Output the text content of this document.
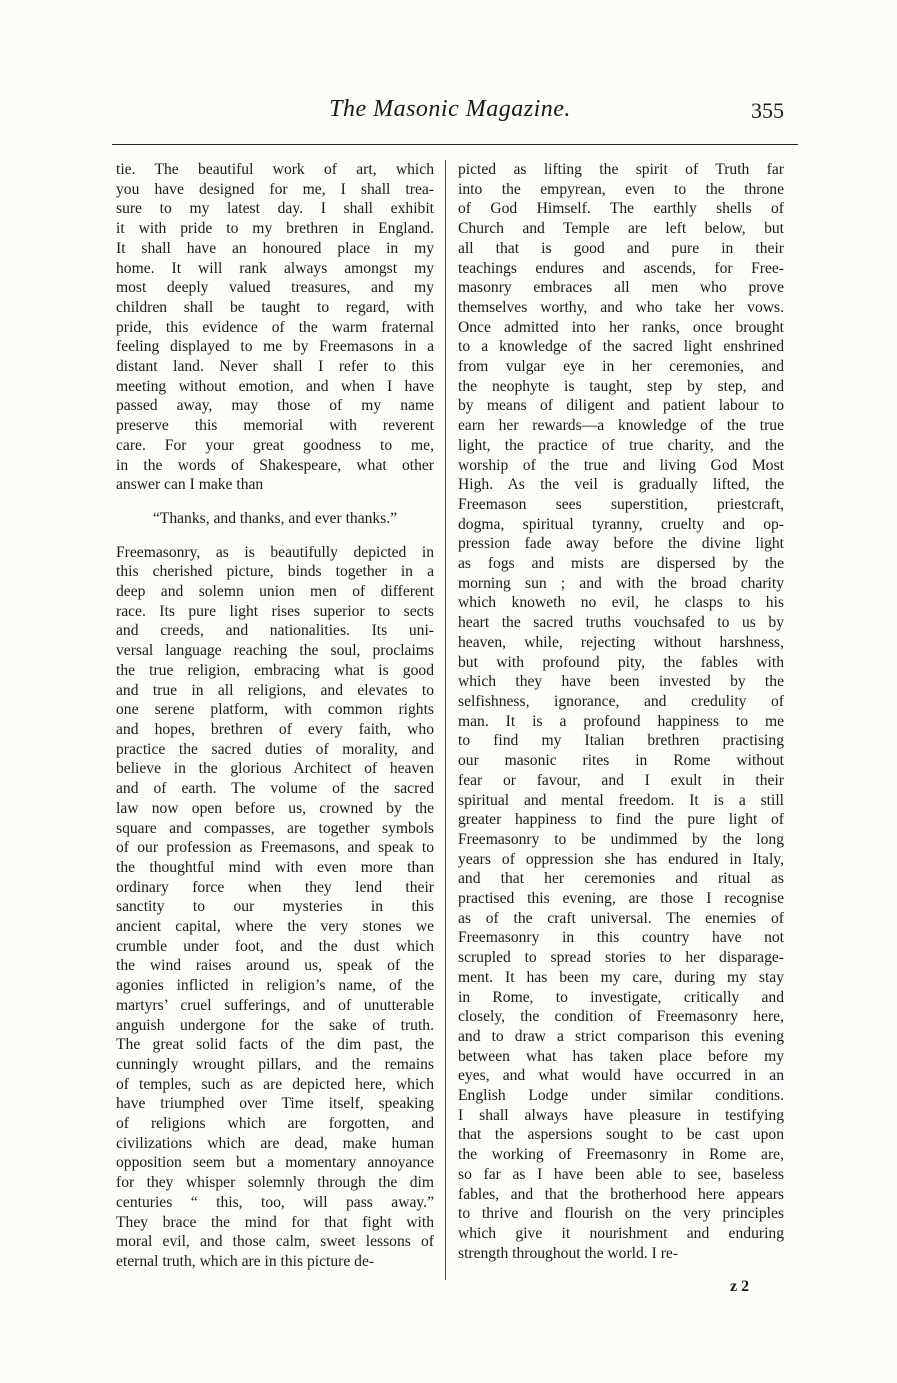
The Masonic Magazine.	355
tie. The beautiful work of art, which
you have designed for me, I shall trea-
sure to my latest day. I shall exhibit
it with pride to my brethren in England.
It shall have an honoured place in my
home. It will rank always amongst my
most deeply valued treasures, and my
children shall be taught to regard, with
pride, this evidence of the warm fraternal
feeling displayed to me by Freemasons in a
distant land. Never shall I refer to this
meeting without emotion, and when I have
passed away, may those of my name
preserve this memorial with reverent
care. For your great goodness to me,
in the words of Shakespeare, what other
answer can I make than
“Thanks, and thanks, and ever thanks.”
Freemasonry, as is beautifully depicted in
this cherished picture, binds together in a
deep and solemn union men of different
race. Its pure light rises superior to sects
and creeds, and nationalities. Its uni-
versal language reaching the soul, proclaims
the true religion, embracing what is good
and true in all religions, and elevates to
one serene platform, with common rights
and hopes, brethren of every faith, who
practice the sacred duties of morality, and
believe in the glorious Architect of heaven
and of earth. The volume of the sacred
law now open before us, crowned by the
square and compasses, are together symbols
of our profession as Freemasons, and speak to
the thoughtful mind with even more than
ordinary force when they lend their
sanctity to our mysteries in this
ancient capital, where the very stones we
crumble under foot, and the dust which
the wind raises around us, speak of the
agonies inflicted in religion’s name, of the
martyrs’ cruel sufferings, and of unutterable
anguish undergone for the sake of truth.
The great solid facts of the dim past, the
cunningly wrought pillars, and the remains
of temples, such as are depicted here, which
have triumphed over Time itself, speaking
of religions which are forgotten, and
civilizations which are dead, make human
opposition seem but a momentary annoyance
for they whisper solemnly through the dim
centuries “ this, too, will pass away.”
They brace the mind for that fight with
moral evil, and those calm, sweet lessons of
eternal truth, which are in this picture de-
picted as lifting the spirit of Truth far
into the empyrean, even to the throne
of God Himself. The earthly shells of
Church and Temple are left below, but
all that is good and pure in their
teachings endures and ascends, for Free-
masonry embraces all men who prove
themselves worthy, and who take her vows.
Once admitted into her ranks, once brought
to a knowledge of the sacred light enshrined
from vulgar eye in her ceremonies, and
the neophyte is taught, step by step, and
by means of diligent and patient labour to
earn her rewards—a knowledge of the true
light, the practice of true charity, and the
worship of the true and living God Most
High. As the veil is gradually lifted, the
Freemason sees superstition, priestcraft,
dogma, spiritual tyranny, cruelty and op-
pression fade away before the divine light
as fogs and mists are dispersed by the
morning sun ; and with the broad charity
which knoweth no evil, he clasps to his
heart the sacred truths vouchsafed to us by
heaven, while, rejecting without harshness,
but with profound pity, the fables with
which they have been invested by the
selfishness, ignorance, and credulity of
man. It is a profound happiness to me
to find my Italian brethren practising
our masonic rites in Rome without
fear or favour, and I exult in their
spiritual and mental freedom. It is a still
greater happiness to find the pure light of
Freemasonry to be undimmed by the long
years of oppression she has endured in Italy,
and that her ceremonies and ritual as
practised this evening, are those I recognise
as of the craft universal. The enemies of
Freemasonry in this country have not
scrupled to spread stories to her disparage-
ment. It has been my care, during my stay
in Rome, to investigate, critically and
closely, the condition of Freemasonry here,
and to draw a strict comparison this evening
between what has taken place before my
eyes, and what would have occurred in an
English Lodge under similar conditions.
I shall always have pleasure in testifying
that the aspersions sought to be cast upon
the working of Freemasonry in Rome are,
so far as I have been able to see, baseless
fables, and that the brotherhood here appears
to thrive and flourish on the very principles
which give it nourishment and enduring
strength throughout the world. I re-
z 2
